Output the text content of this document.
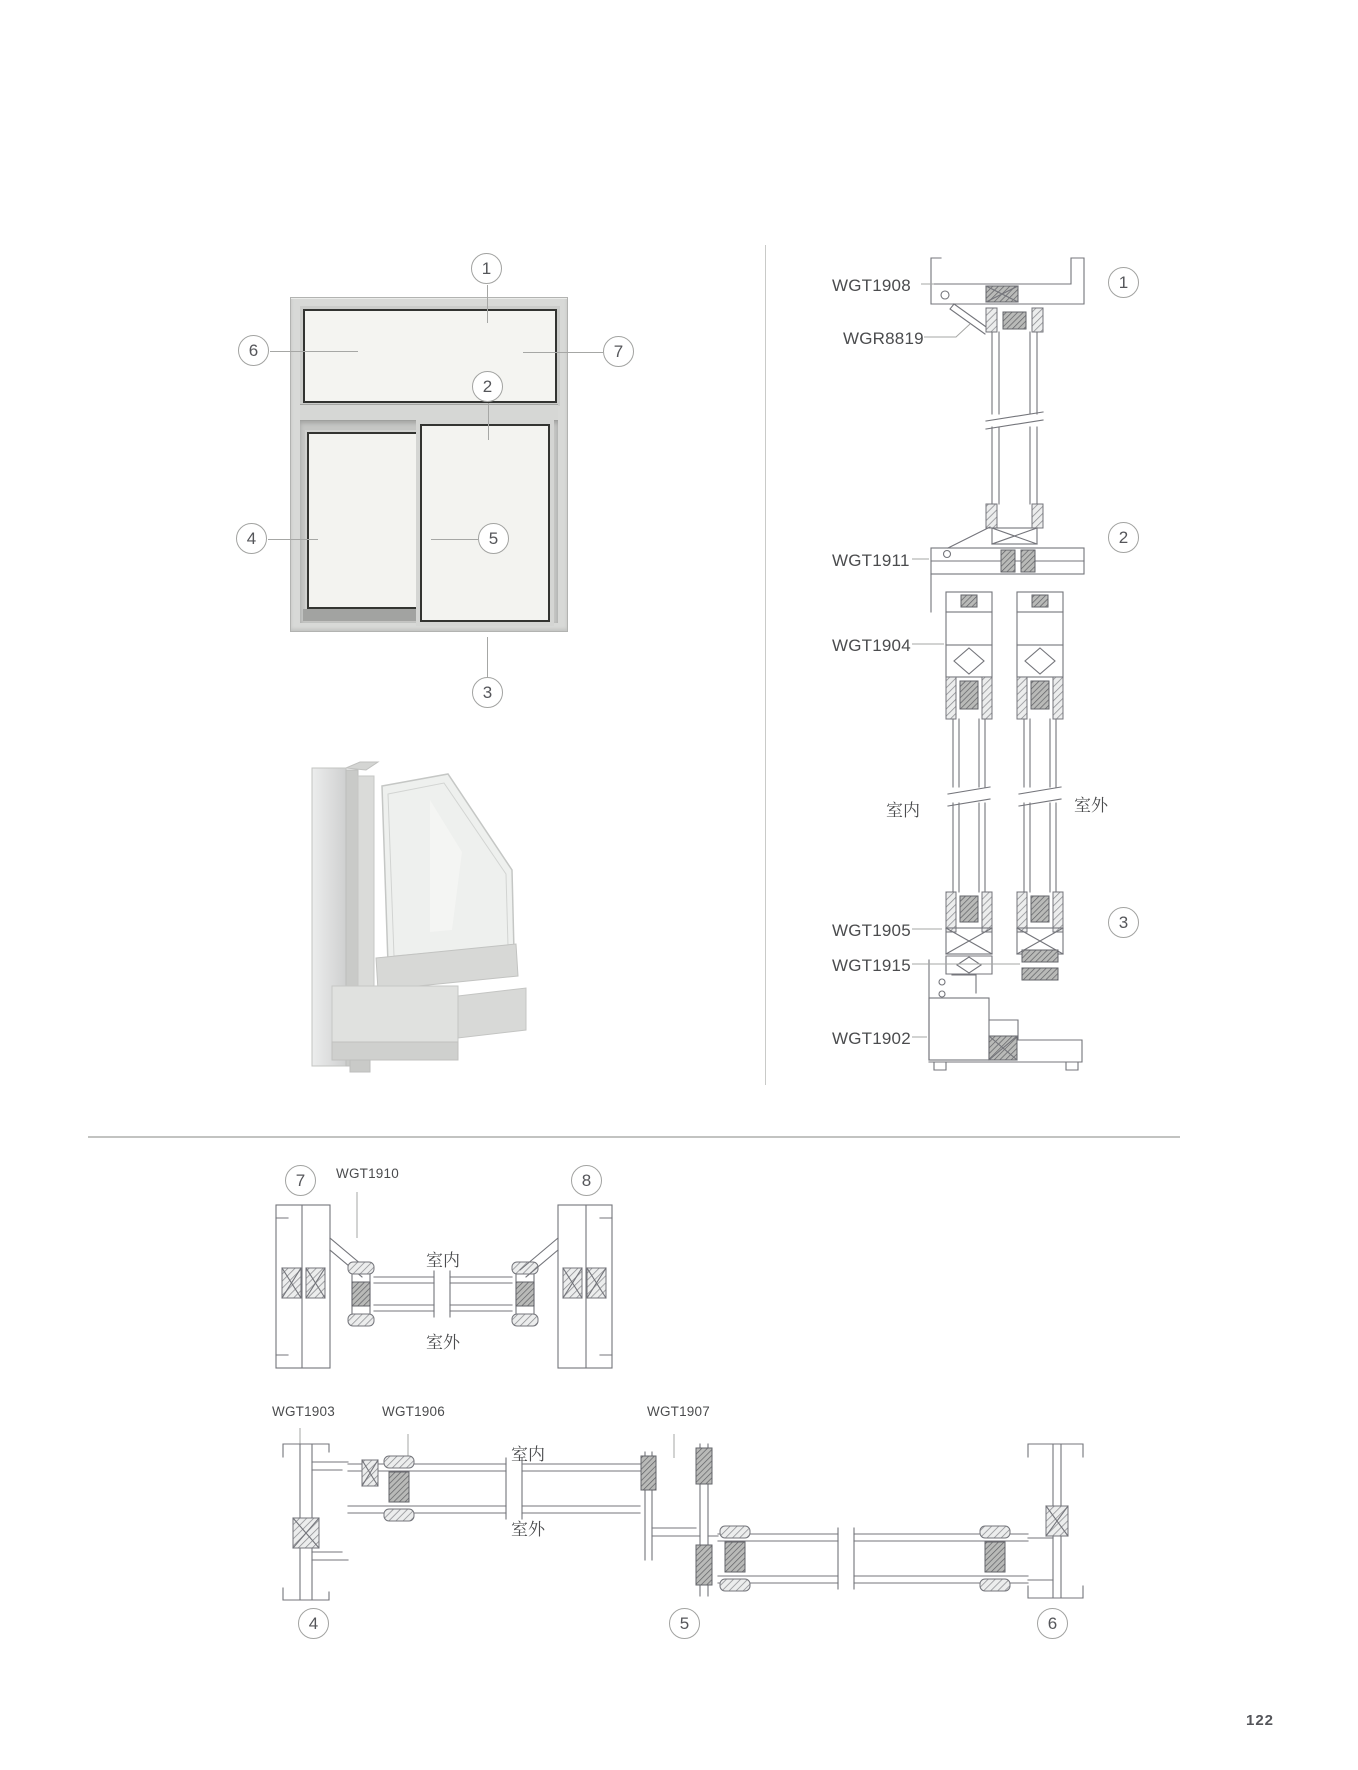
1
6	7
2
4	5
3
WGT1908
WGR8819
WGT1911
WGT1904
WGT1905
WGT1915
WGT1902
室内	室外
1
2
3
7	8
WGT1910
室内
室外
WGT1903	WGT1906	WGT1907
室内
室外
4	5	6
122
